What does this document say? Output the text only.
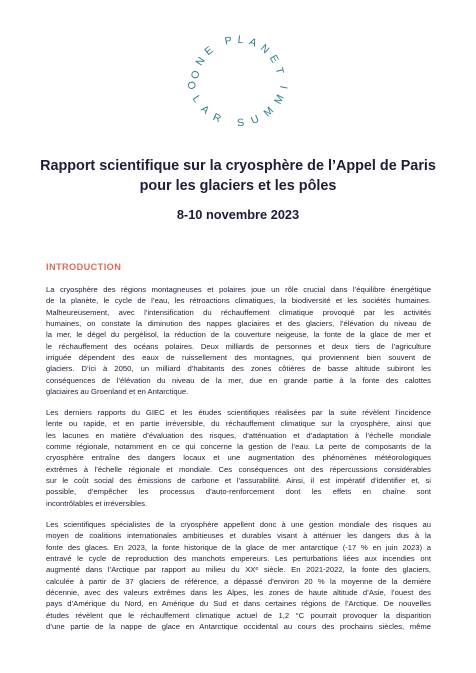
ONE PLANET
OLAR SUMMI
Rapport scientifique sur la cryosphère de l’Appel de Paris
pour les glaciers et les pôles
8-10 novembre 2023
INTRODUCTION
La cryosphère des régions montagneuses et polaires joue un rôle crucial dans l’équilibre énergétique
de la planète, le cycle de l’eau, les rétroactions climatiques, la biodiversité et les sociétés humaines.
Malheureusement, avec l’intensification du réchauffement climatique provoqué par les activités
humaines, on constate la diminution des nappes glaciaires et des glaciers, l’élévation du niveau de
la mer, le dégel du pergélisol, la réduction de la couverture neigeuse, la fonte de la glace de mer et
le réchauffement des océans polaires. Deux milliards de personnes et deux tiers de l’agriculture
irriguée dépendent des eaux de ruissellement des montagnes, qui proviennent bien souvent de
glaciers. D’ici à 2050, un milliard d’habitants des zones côtières de basse altitude subiront les
conséquences de l’élévation du niveau de la mer, due en grande partie à la fonte des calottes
glaciaires au Groenland et en Antarctique.
Les derniers rapports du GIEC et les études scientifiques réalisées par la suite révèlent l’incidence
lente ou rapide, et en partie irréversible, du réchauffement climatique sur la cryosphère, ainsi que
les lacunes en matière d’évaluation des risques, d’atténuation et d’adaptation à l’échelle mondiale
comme régionale, notamment en ce qui concerne la gestion de l’eau. La perte de composants de la
cryosphère entraîne des dangers locaux et une augmentation des phénomènes météorologiques
extrêmes à l’échelle régionale et mondiale. Ces conséquences ont des répercussions considérables
sur le coût social des émissions de carbone et l’assurabilité. Ainsi, il est impératif d’identifier et, si
possible, d’empêcher les processus d’auto-renforcement dont les effets en chaîne sont
incontrôlables et irréversibles.
Les scientifiques spécialistes de la cryosphère appellent donc à une gestion mondiale des risques au
moyen de coalitions internationales ambitieuses et durables visant à atténuer les dangers dus à la
fonte des glaces. En 2023, la fonte historique de la glace de mer antarctique (-17 % en juin 2023) a
entravé le cycle de reproduction des manchots empereurs. Les perturbations liées aux incendies ont
augmenté dans l’Arctique par rapport au milieu du XXᵉ siècle. En 2021-2022, la fonte des glaciers,
calculée à partir de 37 glaciers de référence, a dépassé d’environ 20 % la moyenne de la dernière
décennie, avec des valeurs extrêmes dans les Alpes, les zones de haute altitude d’Asie, l’ouest des
pays d’Amérique du Nord, en Amérique du Sud et dans certaines régions de l’Arctique. De nouvelles
études révèlent que le réchauffement climatique actuel de 1,2 °C pourrait provoquer la disparition
d’une partie de la nappe de glace en Antarctique occidental au cours des prochains siècles, même
